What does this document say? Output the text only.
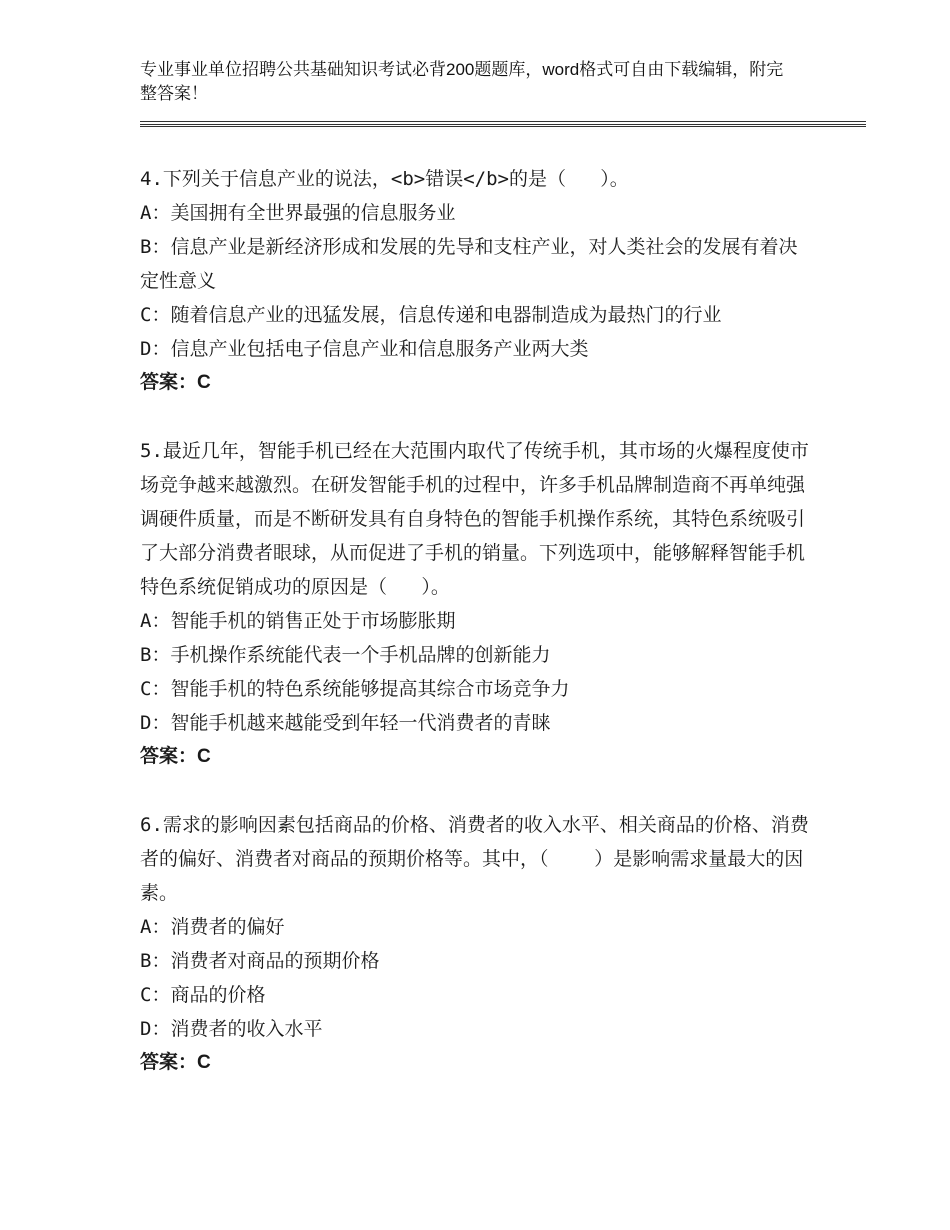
专业事业单位招聘公共基础知识考试必背200题题库，word格式可自由下载编辑，附完整答案！

4.下列关于信息产业的说法，<b>错误</b>的是（   ）。

A：美国拥有全世界最强的信息服务业

B：信息产业是新经济形成和发展的先导和支柱产业，对人类社会的发展有着决定性意义

C：随着信息产业的迅猛发展，信息传递和电器制造成为最热门的行业

D：信息产业包括电子信息产业和信息服务产业两大类

答案：C

5.最近几年，智能手机已经在大范围内取代了传统手机，其市场的火爆程度使市场竞争越来越激烈。在研发智能手机的过程中，许多手机品牌制造商不再单纯强调硬件质量，而是不断研发具有自身特色的智能手机操作系统，其特色系统吸引了大部分消费者眼球，从而促进了手机的销量。下列选项中，能够解释智能手机特色系统促销成功的原因是（   ）。

A：智能手机的销售正处于市场膨胀期

B：手机操作系统能代表一个手机品牌的创新能力

C：智能手机的特色系统能够提高其综合市场竞争力

D：智能手机越来越能受到年轻一代消费者的青睐

答案：C

6.需求的影响因素包括商品的价格、消费者的收入水平、相关商品的价格、消费者的偏好、消费者对商品的预期价格等。其中，（    ）是影响需求量最大的因素。

A：消费者的偏好

B：消费者对商品的预期价格

C：商品的价格

D：消费者的收入水平

答案：C
